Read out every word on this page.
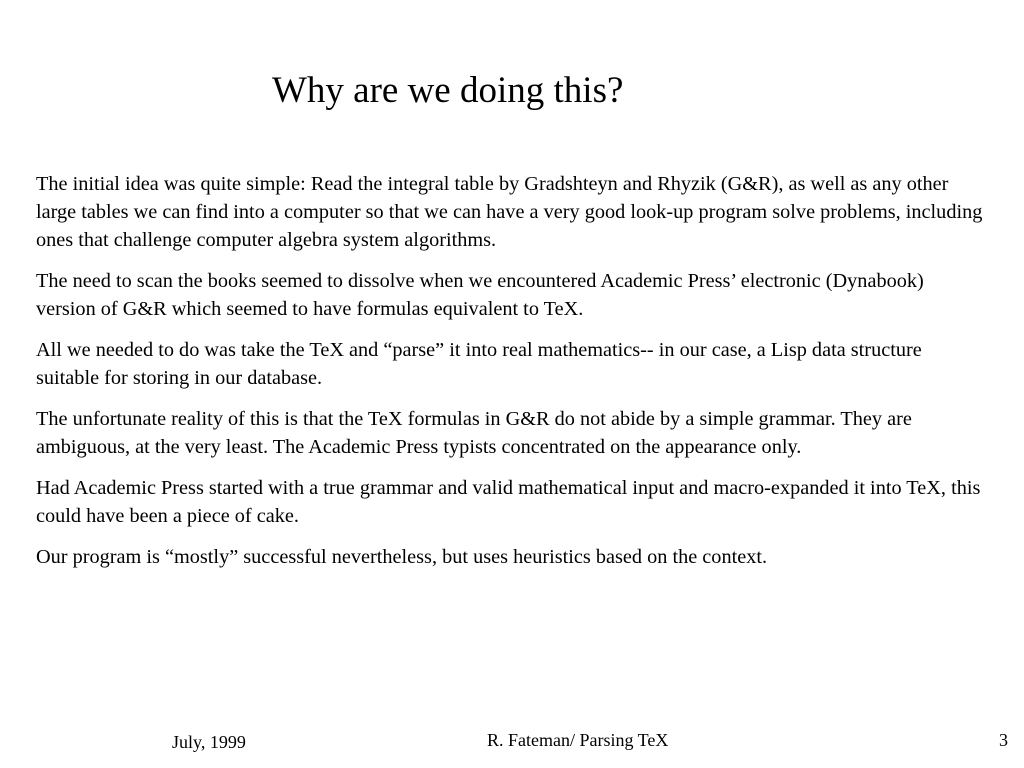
Why are we doing this?

The initial idea was quite simple: Read the integral table by Gradshteyn and Rhyzik (G&R), as well as any other large tables we can find into a computer so that we can have a very good look-up program solve problems, including ones that challenge computer algebra system algorithms.

The need to scan the books seemed to dissolve when we encountered Academic Press’ electronic (Dynabook) version of G&R which seemed to have formulas equivalent to TeX.

All we needed to do was take the TeX and “parse” it into real mathematics-- in our case, a Lisp data structure suitable for storing in our database.

The unfortunate reality of this is that the TeX formulas in G&R do not abide by a simple grammar. They are ambiguous, at the very least. The Academic Press typists concentrated on the appearance only.

Had Academic Press started with a true grammar and valid mathematical input and macro-expanded it into TeX, this could have been a piece of cake.

Our program is “mostly” successful nevertheless, but uses heuristics based on the context.

July, 1999	R. Fateman/ Parsing TeX	3
